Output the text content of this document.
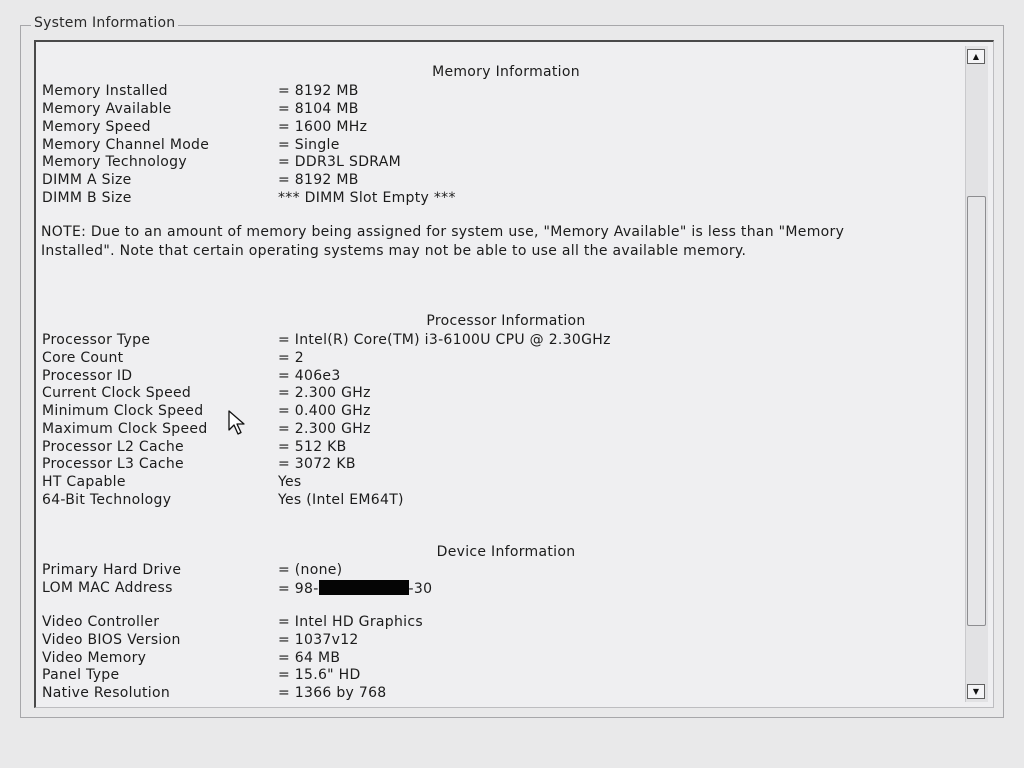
System Information
Memory Information
Memory Installed	= 8192 MB
Memory Available	= 8104 MB
Memory Speed	= 1600 MHz
Memory Channel Mode	= Single
Memory Technology	= DDR3L SDRAM
DIMM A Size	= 8192 MB
DIMM B Size	*** DIMM Slot Empty ***
NOTE: Due to an amount of memory being assigned for system use, "Memory Available" is less than "Memory Installed". Note that certain operating systems may not be able to use all the available memory.
Processor Information
Processor Type	= Intel(R) Core(TM) i3-6100U CPU @ 2.30GHz
Core Count	= 2
Processor ID	= 406e3
Current Clock Speed	= 2.300 GHz
Minimum Clock Speed	= 0.400 GHz
Maximum Clock Speed	= 2.300 GHz
Processor L2 Cache	= 512 KB
Processor L3 Cache	= 3072 KB
HT Capable	Yes
64-Bit Technology	Yes (Intel EM64T)
Device Information
Primary Hard Drive	= (none)
LOM MAC Address	= 98-	-30
Video Controller	= Intel HD Graphics
Video BIOS Version	= 1037v12
Video Memory	= 64 MB
Panel Type	= 15.6" HD
Native Resolution	= 1366 by 768
▲
▼
